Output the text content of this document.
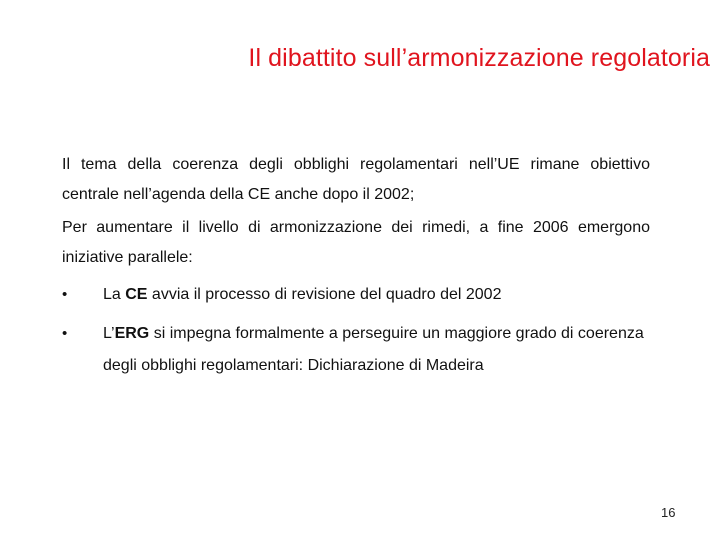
Il dibattito sull’armonizzazione regolatoria

Il tema della coerenza degli obblighi regolamentari nell’UE rimane obiettivo centrale nell’agenda della CE anche dopo il 2002;

Per aumentare il livello di armonizzazione dei rimedi, a fine 2006 emergono iniziative parallele:

• La CE avvia il processo di revisione del quadro del 2002
• L’ERG si impegna formalmente a perseguire un maggiore grado di coerenza degli obblighi regolamentari: Dichiarazione di Madeira
16
